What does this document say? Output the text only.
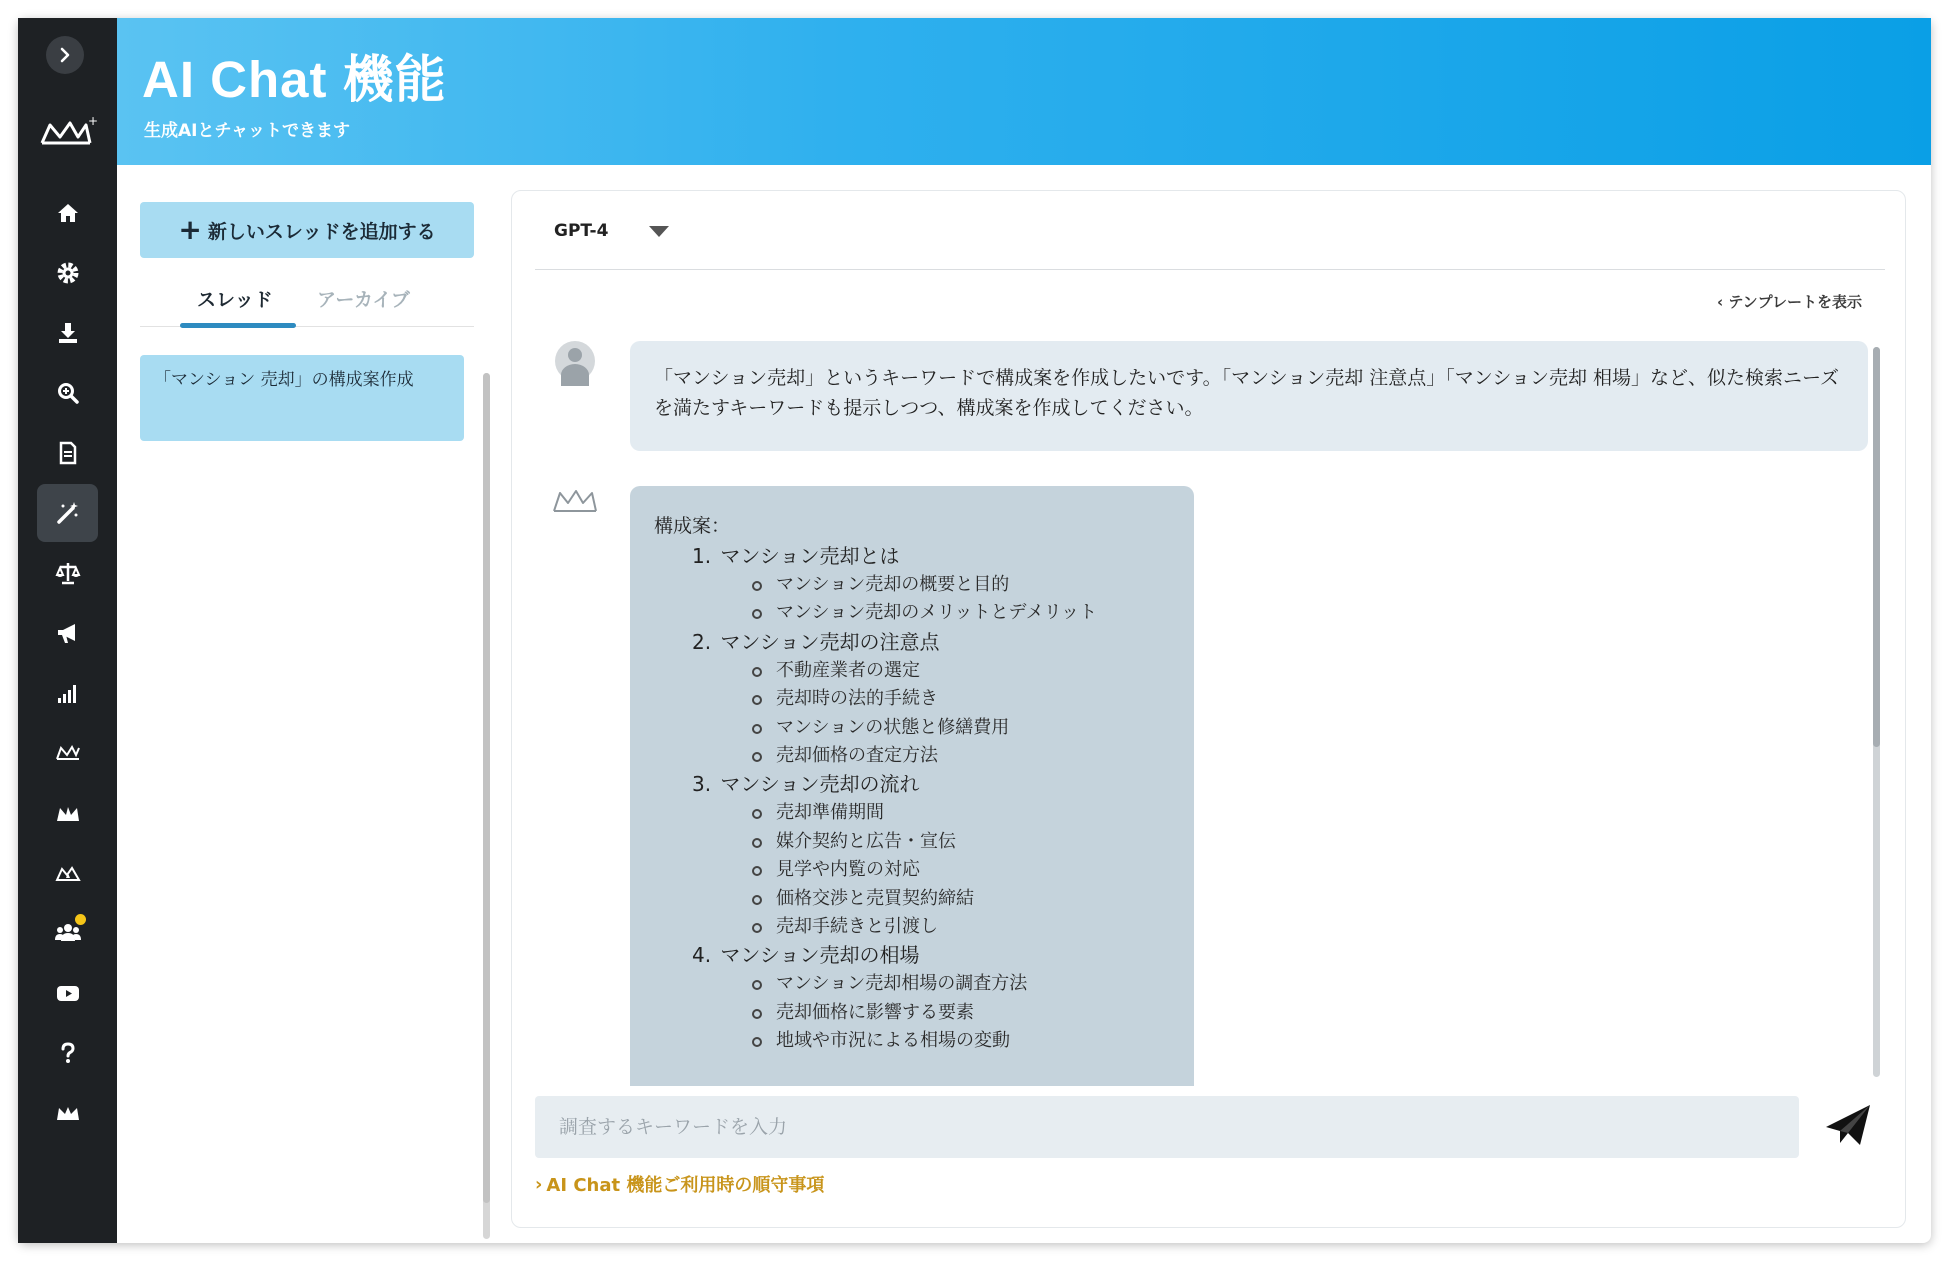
+
AI Chat 機能

生成AIとチャットできます

+ 新しいスレッドを追加する
スレッド アーカイブ
「マンション 売却」の構成案作成
GPT-4
‹ テンプレートを表示
「マンション売却」というキーワードで構成案を作成したいです。「マンション売却 注意点」「マンション売却 相場」など、似た検索ニーズを満たすキーワードも提示しつつ、構成案を作成してください。
構成案：
1. マンション売却とは
マンション売却の概要と目的
マンション売却のメリットとデメリット
2. マンション売却の注意点
不動産業者の選定
売却時の法的手続き
マンションの状態と修繕費用
売却価格の査定方法
3. マンション売却の流れ
売却準備期間
媒介契約と広告・宣伝
見学や内覧の対応
価格交渉と売買契約締結
売却手続きと引渡し
4. マンション売却の相場
マンション売却相場の調査方法
売却価格に影響する要素
地域や市況による相場の変動
調査するキーワードを入力
› AI Chat 機能ご利用時の順守事項
